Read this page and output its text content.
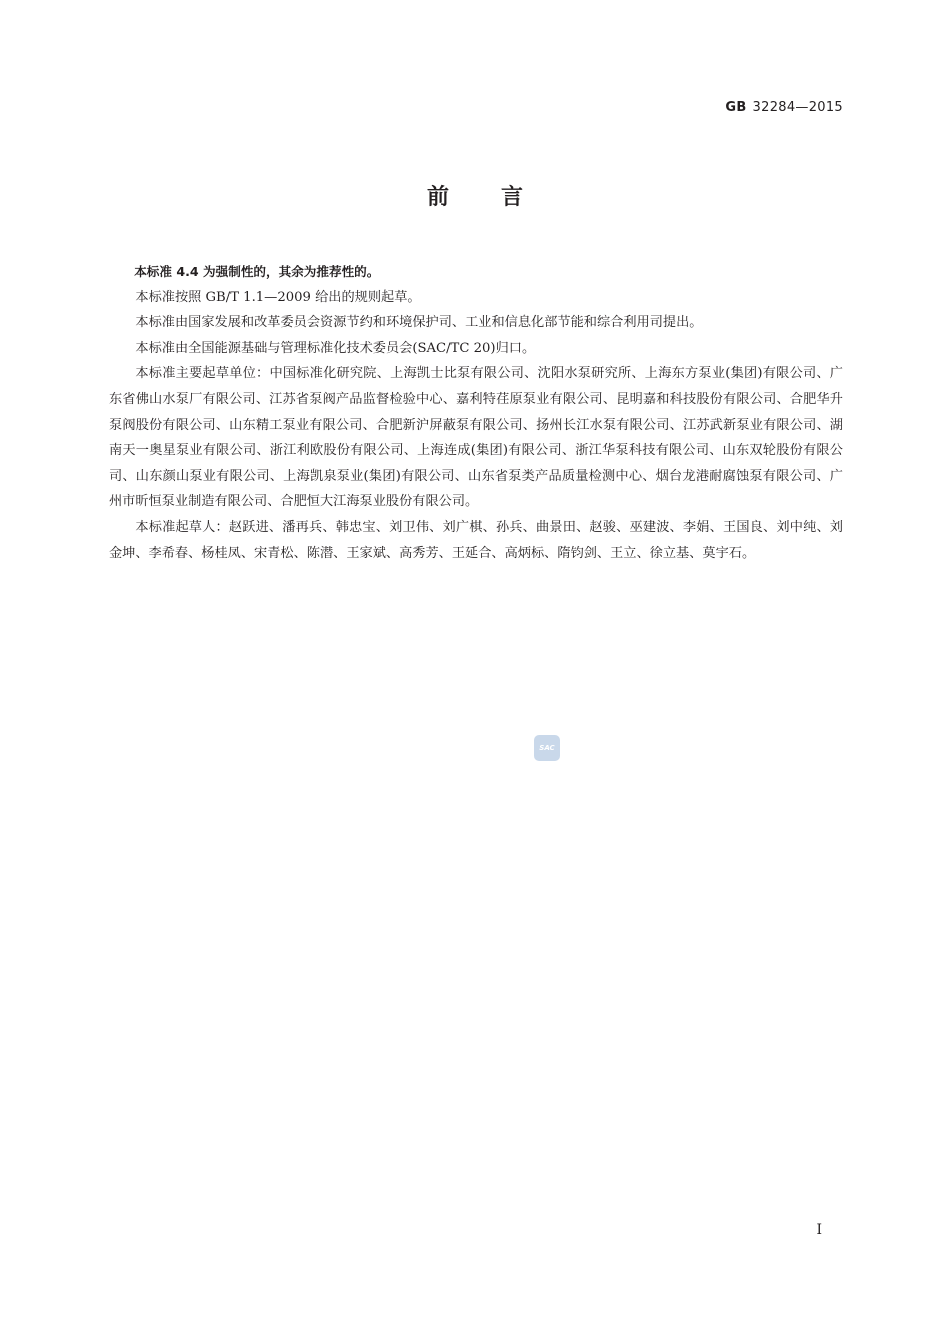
GB 32284—2015
前言

本标准 4.4 为强制性的，其余为推荐性的。

本标准按照 GB/T 1.1—2009 给出的规则起草。

本标准由国家发展和改革委员会资源节约和环境保护司、工业和信息化部节能和综合利用司提出。

本标准由全国能源基础与管理标准化技术委员会(SAC/TC 20)归口。

本标准主要起草单位：中国标准化研究院、上海凯士比泵有限公司、沈阳水泵研究所、上海东方泵业(集团)有限公司、广东省佛山水泵厂有限公司、江苏省泵阀产品监督检验中心、嘉利特荏原泵业有限公司、昆明嘉和科技股份有限公司、合肥华升泵阀股份有限公司、山东精工泵业有限公司、合肥新沪屏蔽泵有限公司、扬州长江水泵有限公司、江苏武新泵业有限公司、湖南天一奥星泵业有限公司、浙江利欧股份有限公司、上海连成(集团)有限公司、浙江华泵科技有限公司、山东双轮股份有限公司、山东颜山泵业有限公司、上海凯泉泵业(集团)有限公司、山东省泵类产品质量检测中心、烟台龙港耐腐蚀泵有限公司、广州市昕恒泵业制造有限公司、合肥恒大江海泵业股份有限公司。

本标准起草人：赵跃进、潘再兵、韩忠宝、刘卫伟、刘广棋、孙兵、曲景田、赵骏、巫建波、李娟、王国良、刘中纯、刘金坤、李希春、杨桂凤、宋青松、陈潜、王家斌、高秀芳、王延合、高炳标、隋钧剑、王立、徐立基、莫宇石。

SAC
I
